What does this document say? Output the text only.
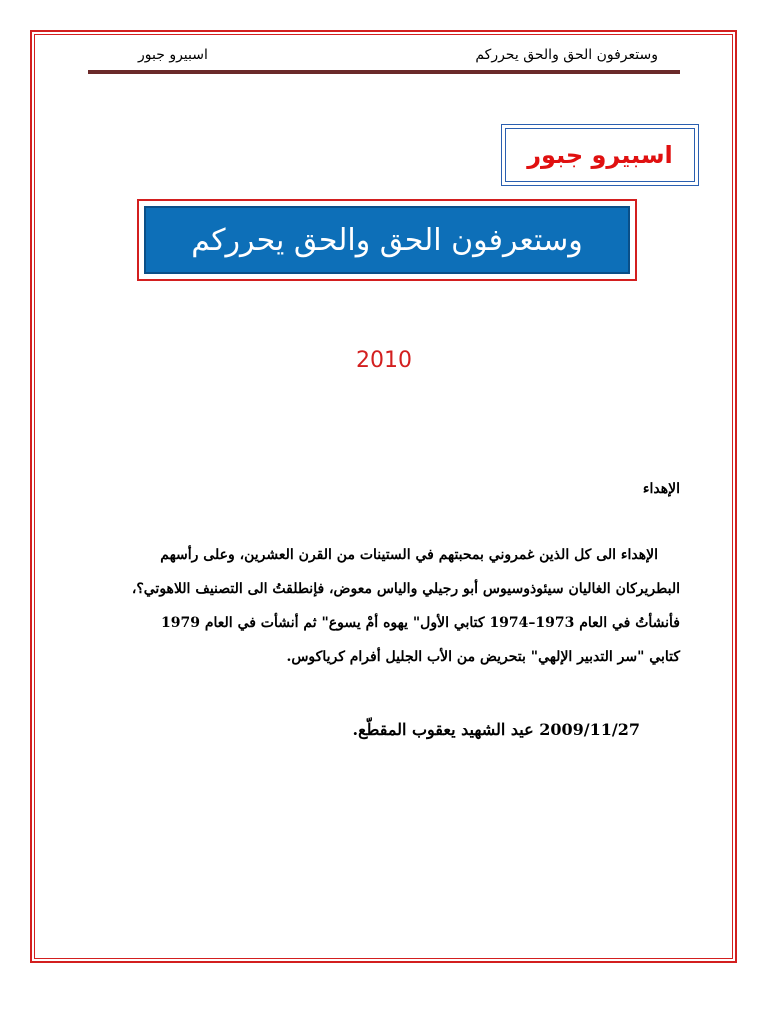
وستعرفون الحق والحق يحرركم
اسبيرو جبور
اسبيرو جبور
وستعرفون الحق والحق يحرركم
2010
الإهداء
الإهداء الى كل الذين غمروني بمحبتهم في الستينات من القرن العشرين، وعلى رأسهم
البطريركان الغاليان سيئوذوسيوس أبو رجيلي والياس معوض، فإنطلقتُ الى التصنيف اللاهوتي؟،
فأنشأتُ في العام 1973–1974 كتابي الأول" يهوه أمْ يسوع" ثم أنشأت في العام 1979
كتابي "سر التدبير الإلهي" بتحريض من الأب الجليل أفرام كرياكوس.
2009/11/27 عيد الشهيد يعقوب المقطّع.
